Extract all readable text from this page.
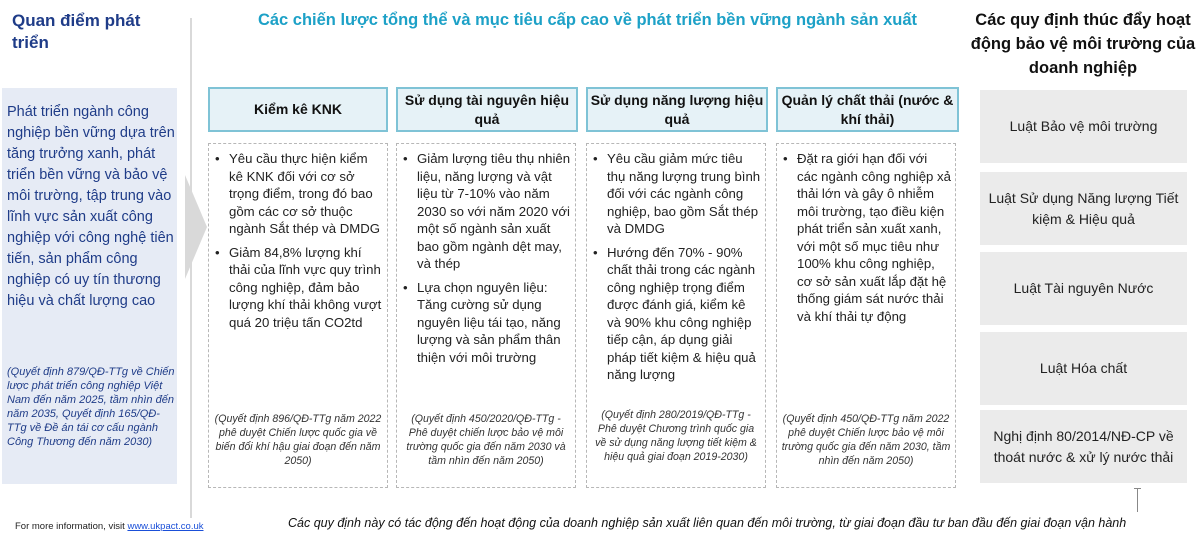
Quan điểm phát triển
Phát triển ngành công nghiệp bền vững dựa trên tăng trưởng xanh, phát triển bền vững và bảo vệ môi trường, tập trung vào lĩnh vực sản xuất công nghiệp với công nghệ tiên tiến, sản phẩm công nghiệp có uy tín thương hiệu và chất lượng cao
(Quyết định 879/QĐ-TTg về Chiến lược phát triển công nghiệp Việt Nam đến năm 2025, tầm nhìn đến năm 2035, Quyết định 165/QĐ-TTg về Đề án tái cơ cấu ngành Công Thương đến năm 2030)
Các chiến lược tổng thể và mục tiêu cấp cao về phát triển bền vững ngành sản xuất
Kiểm kê KNK
Sử dụng tài nguyên hiệu quả
Sử dụng năng lượng hiệu quả
Quản lý chất thải (nước & khí thải)
• Yêu cầu thực hiện kiểm kê KNK đối với cơ sở trọng điểm, trong đó bao gồm các cơ sở thuộc ngành Sắt thép và DMDG
• Giảm 84,8% lượng khí thải của lĩnh vực quy trình công nghiệp, đảm bảo lượng khí thải không vượt quá 20 triệu tấn CO2td
(Quyết định 896/QĐ-TTg năm 2022 phê duyệt Chiến lược quốc gia về biến đổi khí hậu giai đoạn đến năm 2050)
• Giảm lượng tiêu thụ nhiên liệu, năng lượng và vật liệu từ 7-10% vào năm 2030 so với năm 2020 với một số ngành sản xuất bao gồm ngành dệt may, và thép
• Lựa chọn nguyên liệu: Tăng cường sử dụng nguyên liệu tái tạo, năng lượng và sản phẩm thân thiện với môi trường
(Quyết định 450/2020/QĐ-TTg - Phê duyệt chiến lược bảo vệ môi trường quốc gia đến năm 2030 và tầm nhìn đến năm 2050)
• Yêu cầu giảm mức tiêu thụ năng lượng trung bình đối với các ngành công nghiệp, bao gồm Sắt thép và DMDG
• Hướng đến 70% - 90% chất thải trong các ngành công nghiệp trọng điểm được đánh giá, kiểm kê và 90% khu công nghiệp tiếp cận, áp dụng giải pháp tiết kiệm & hiệu quả năng lượng
(Quyết định 280/2019/QĐ-TTg - Phê duyệt Chương trình quốc gia về sử dụng năng lượng tiết kiệm & hiệu quả giai đoạn 2019-2030)
• Đặt ra giới hạn đối với các ngành công nghiệp xả thải lớn và gây ô nhiễm môi trường, tạo điều kiện phát triển sản xuất xanh, với một số mục tiêu như 100% khu công nghiệp, cơ sở sản xuất lắp đặt hệ thống giám sát nước thải và khí thải tự động
(Quyết định 450/QĐ-TTg năm 2022 phê duyệt Chiến lược bảo vệ môi trường quốc gia đến năm 2030, tầm nhìn đến năm 2050)
Các quy định thúc đẩy hoạt động bảo vệ môi trường của doanh nghiệp
Luật Bảo vệ môi trường
Luật Sử dụng Năng lượng Tiết kiệm & Hiệu quả
Luật Tài nguyên Nước
Luật Hóa chất
Nghị định 80/2014/NĐ-CP về thoát nước & xử lý nước thải
For more information, visit www.ukpact.co.uk	Các quy định này có tác động đến hoạt động của doanh nghiệp sản xuất liên quan đến môi trường, từ giai đoạn đầu tư ban đầu đến giai đoạn vận hành
